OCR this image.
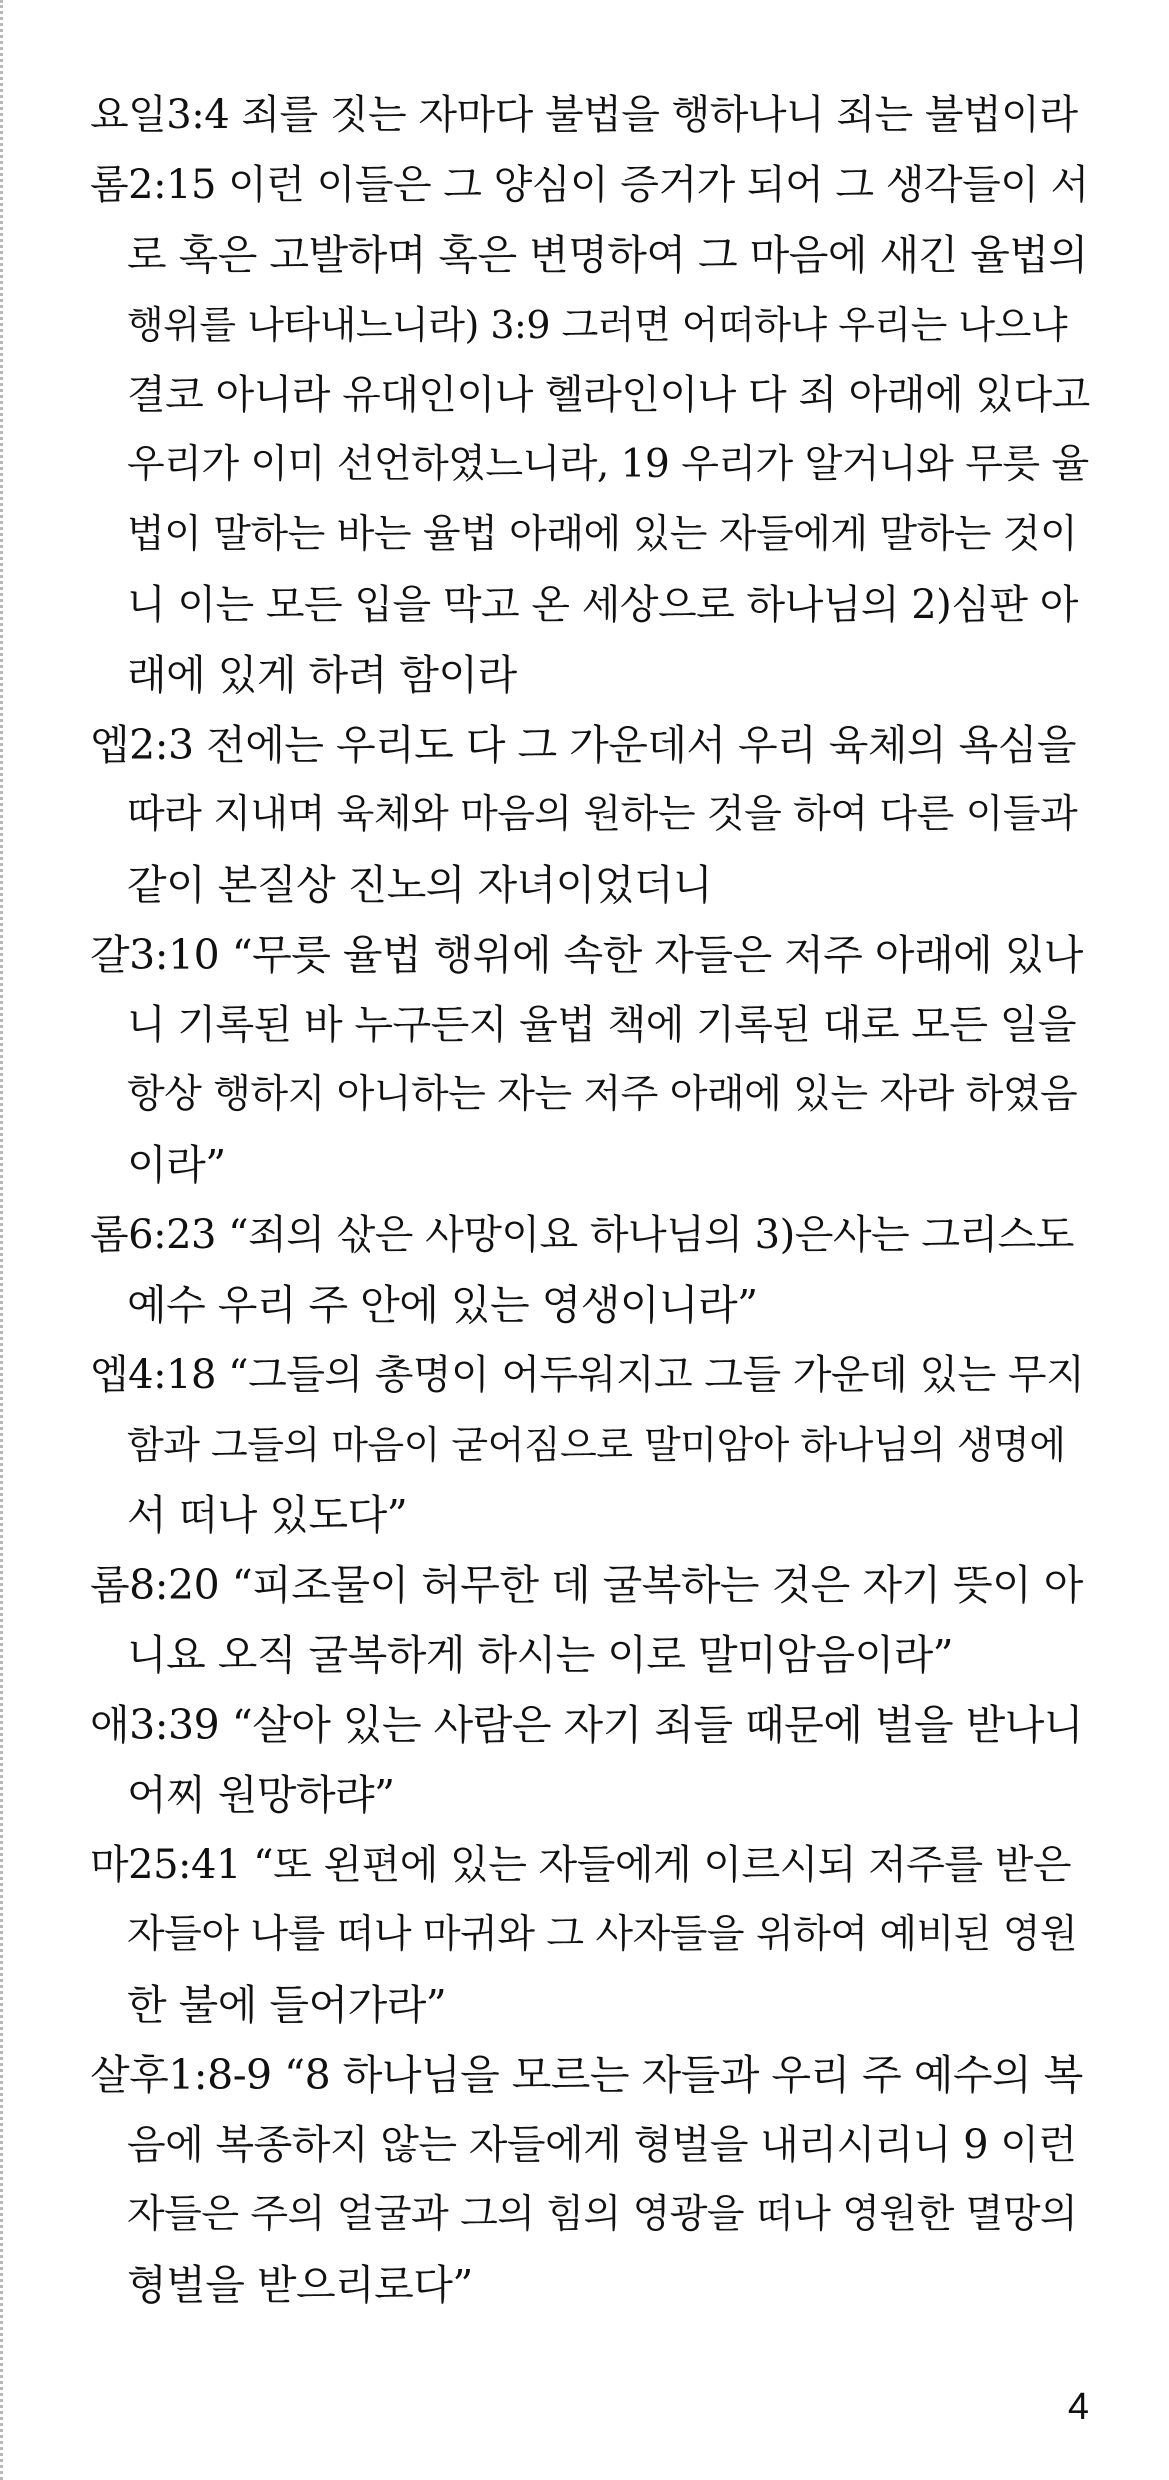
요일3:4 죄를 짓는 자마다 불법을 행하나니 죄는 불법이라
롬2:15 이런 이들은 그 양심이 증거가 되어 그 생각들이 서
로 혹은 고발하며 혹은 변명하여 그 마음에 새긴 율법의
행위를 나타내느니라) 3:9 그러면 어떠하냐 우리는 나으냐
결코 아니라 유대인이나 헬라인이나 다 죄 아래에 있다고
우리가 이미 선언하였느니라, 19 우리가 알거니와 무릇 율
법이 말하는 바는 율법 아래에 있는 자들에게 말하는 것이
니 이는 모든 입을 막고 온 세상으로 하나님의 2)심판 아
래에 있게 하려 함이라
엡2:3 전에는 우리도 다 그 가운데서 우리 육체의 욕심을
따라 지내며 육체와 마음의 원하는 것을 하여 다른 이들과
같이 본질상 진노의 자녀이었더니
갈3:10 “무릇 율법 행위에 속한 자들은 저주 아래에 있나
니 기록된 바 누구든지 율법 책에 기록된 대로 모든 일을
항상 행하지 아니하는 자는 저주 아래에 있는 자라 하였음
이라”
롬6:23 “죄의 삯은 사망이요 하나님의 3)은사는 그리스도
예수 우리 주 안에 있는 영생이니라”
엡4:18 “그들의 총명이 어두워지고 그들 가운데 있는 무지
함과 그들의 마음이 굳어짐으로 말미암아 하나님의 생명에
서 떠나 있도다”
롬8:20 “피조물이 허무한 데 굴복하는 것은 자기 뜻이 아
니요 오직 굴복하게 하시는 이로 말미암음이라”
애3:39 “살아 있는 사람은 자기 죄들 때문에 벌을 받나니
어찌 원망하랴”
마25:41 “또 왼편에 있는 자들에게 이르시되 저주를 받은
자들아 나를 떠나 마귀와 그 사자들을 위하여 예비된 영원
한 불에 들어가라”
살후1:8-9 “8 하나님을 모르는 자들과 우리 주 예수의 복
음에 복종하지 않는 자들에게 형벌을 내리시리니 9 이런
자들은 주의 얼굴과 그의 힘의 영광을 떠나 영원한 멸망의
형벌을 받으리로다”
4
